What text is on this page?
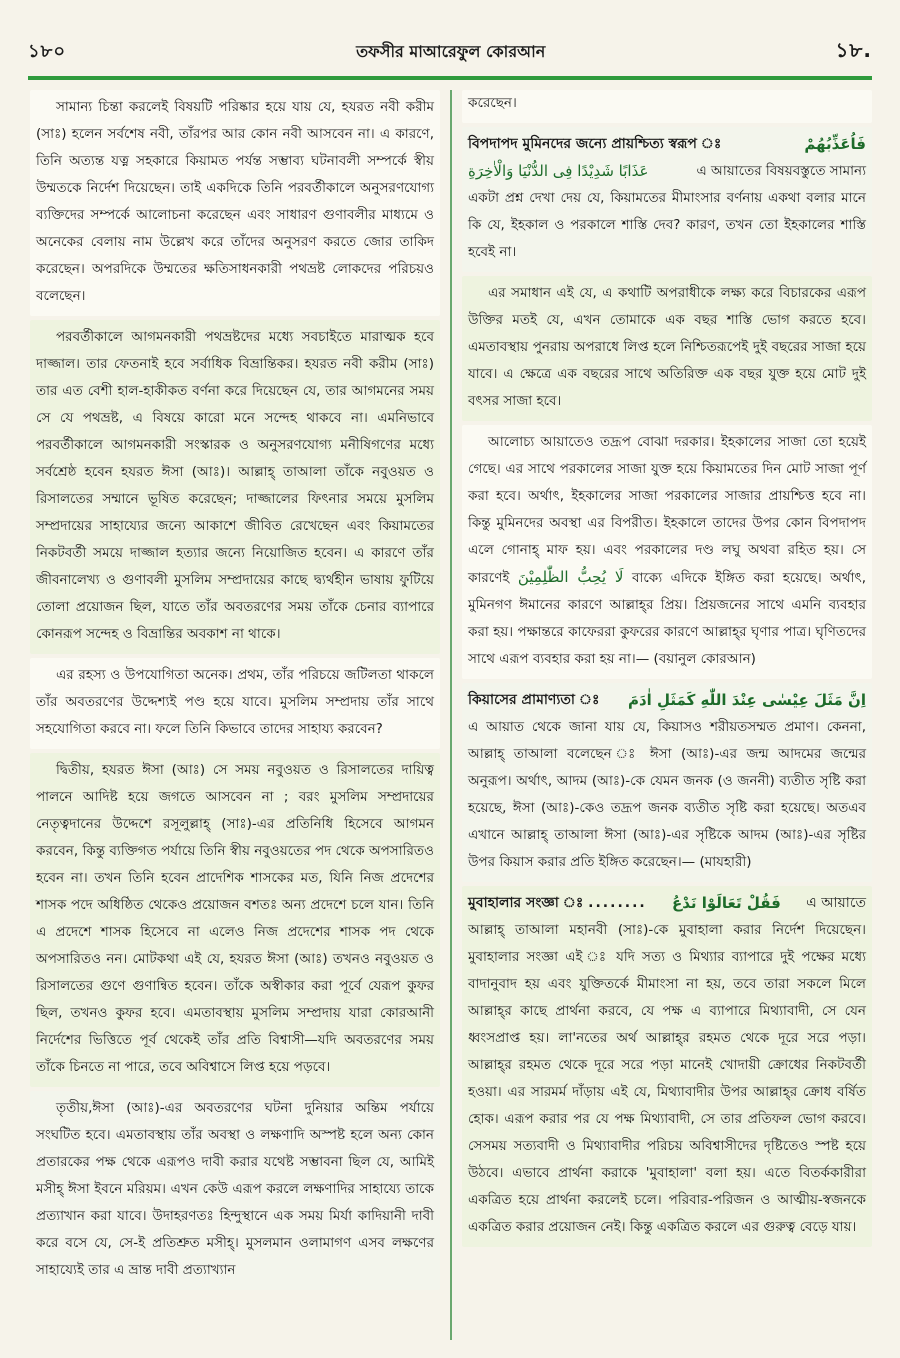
১৮০	তফসীর মাআরেফুল কোরআন	১৮.

সামান্য চিন্তা করলেই বিষয়টি পরিষ্কার হয়ে যায় যে, হযরত নবী করীম (সাঃ) হলেন সর্বশেষ নবী, তাঁরপর আর কোন নবী আসবেন না। এ কারণে, তিনি অত্যন্ত যত্ন সহকারে কিয়ামত পর্যন্ত সম্ভাব্য ঘটনাবলী সম্পর্কে স্বীয় উম্মতকে নির্দেশ দিয়েছেন। তাই একদিকে তিনি পরবর্তীকালে অনুসরণযোগ্য ব্যক্তিদের সম্পর্কে আলোচনা করেছেন এবং সাধারণ গুণাবলীর মাধ্যমে ও অনেকের বেলায় নাম উল্লেখ করে তাঁদের অনুসরণ করতে জোর তাকিদ করেছেন। অপরদিকে উম্মতের ক্ষতিসাধনকারী পথভ্রষ্ট লোকদের পরিচয়ও বলেছেন।

পরবর্তীকালে আগমনকারী পথভ্রষ্টদের মধ্যে সবচাইতে মারাত্মক হবে দাজ্জাল। তার ফেতনাই হবে সর্বাধিক বিভ্রান্তিকর। হযরত নবী করীম (সাঃ) তার এত বেশী হাল-হাকীকত বর্ণনা করে দিয়েছেন যে, তার আগমনের সময় সে যে পথভ্রষ্ট, এ বিষয়ে কারো মনে সন্দেহ থাকবে না। এমনিভাবে পরবর্তীকালে আগমনকারী সংস্কারক ও অনুসরণযোগ্য মনীষিগণের মধ্যে সর্বশ্রেষ্ঠ হবেন হযরত ঈসা (আঃ)। আল্লাহ্ তাআলা তাঁকে নবুওয়ত ও রিসালতের সম্মানে ভূষিত করেছেন; দাজ্জালের ফিৎনার সময়ে মুসলিম সম্প্রদায়ের সাহায্যের জন্যে আকাশে জীবিত রেখেছেন এবং কিয়ামতের নিকটবর্তী সময়ে দাজ্জাল হত্যার জন্যে নিয়োজিত হবেন। এ কারণে তাঁর জীবনালেখ্য ও গুণাবলী মুসলিম সম্প্রদায়ের কাছে দ্ব্যর্থহীন ভাষায় ফুটিয়ে তোলা প্রয়োজন ছিল, যাতে তাঁর অবতরণের সময় তাঁকে চেনার ব্যাপারে কোনরূপ সন্দেহ ও বিভ্রান্তির অবকাশ না থাকে।

এর রহস্য ও উপযোগিতা অনেক। প্রথম, তাঁর পরিচয়ে জটিলতা থাকলে তাঁর অবতরণের উদ্দেশ্যই পণ্ড হয়ে যাবে। মুসলিম সম্প্রদায় তাঁর সাথে সহযোগিতা করবে না। ফলে তিনি কিভাবে তাদের সাহায্য করবেন?

দ্বিতীয়, হযরত ঈসা (আঃ) সে সময় নবুওয়ত ও রিসালতের দায়িত্ব পালনে আদিষ্ট হয়ে জগতে আসবেন না ; বরং মুসলিম সম্প্রদায়ের নেতৃত্বদানের উদ্দেশে রসূলুল্লাহ্ (সাঃ)-এর প্রতিনিধি হিসেবে আগমন করবেন, কিন্তু ব্যক্তিগত পর্যায়ে তিনি স্বীয় নবুওয়তের পদ থেকে অপসারিতও হবেন না। তখন তিনি হবেন প্রাদেশিক শাসকের মত, যিনি নিজ প্রদেশের শাসক পদে অধিষ্ঠিত থেকেও প্রয়োজন বশতঃ অন্য প্রদেশে চলে যান। তিনি এ প্রদেশে শাসক হিসেবে না এলেও নিজ প্রদেশের শাসক পদ থেকে অপসারিতও নন। মোটকথা এই যে, হযরত ঈসা (আঃ) তখনও নবুওয়ত ও রিসালতের গুণে গুণান্বিত হবেন। তাঁকে অস্বীকার করা পূর্বে যেরূপ কুফর ছিল, তখনও কুফর হবে। এমতাবস্থায় মুসলিম সম্প্রদায় যারা কোরআনী নির্দেশের ভিত্তিতে পূর্ব থেকেই তাঁর প্রতি বিশ্বাসী—যদি অবতরণের সময় তাঁকে চিনতে না পারে, তবে অবিশ্বাসে লিপ্ত হয়ে পড়বে।

তৃতীয়,ঈসা (আঃ)-এর অবতরণের ঘটনা দুনিয়ার অন্তিম পর্যায়ে সংঘটিত হবে। এমতাবস্থায় তাঁর অবস্থা ও লক্ষণাদি অস্পষ্ট হলে অন্য কোন প্রতারকের পক্ষ থেকে এরূপও দাবী করার যথেষ্ট সম্ভাবনা ছিল যে, আমিই মসীহ্ ঈসা ইবনে মরিয়ম। এখন কেউ এরূপ করলে লক্ষণাদির সাহায্যে তাকে প্রত্যাখান করা যাবে। উদাহরণতঃ হিন্দুস্থানে এক সময় মির্যা কাদিয়ানী দাবী করে বসে যে, সে-ই প্রতিশ্রুত মসীহ্। মুসলমান ওলামাগণ এসব লক্ষণের সাহায্যেই তার এ ভ্রান্ত দাবী প্রত্যাখ্যান

করেছেন।

বিপদাপদ মুমিনদের জন্যে প্রায়শ্চিত্য স্বরূপ ঃ	فَاُعَذِّبُهُمْ
عَذَابًا شَدِيْدًا فِى الدُّنْيَا وَالْاٰخِرَةِ	এ আয়াতের বিষয়বস্তুতে সামান্য

একটা প্রশ্ন দেখা দেয় যে, কিয়ামতের মীমাংসার বর্ণনায় একথা বলার মানে কি যে, ইহকাল ও পরকালে শাস্তি দেব? কারণ, তখন তো ইহকালের শাস্তি হবেই না।

এর সমাধান এই যে, এ কথাটি অপরাধীকে লক্ষ্য করে বিচারকের এরূপ উক্তির মতই যে, এখন তোমাকে এক বছর শাস্তি ভোগ করতে হবে। এমতাবস্থায় পুনরায় অপরাধে লিপ্ত হলে নিশ্চিতরূপেই দুই বছরের সাজা হয়ে যাবে। এ ক্ষেত্রে এক বছরের সাথে অতিরিক্ত এক বছর যুক্ত হয়ে মোট দুই বৎসর সাজা হবে।

আলোচ্য আয়াতেও তদ্রূপ বোঝা দরকার। ইহকালের সাজা তো হয়েই গেছে। এর সাথে পরকালের সাজা যুক্ত হয়ে কিয়ামতের দিন মোট সাজা পূর্ণ করা হবে। অর্থাৎ, ইহকালের সাজা পরকালের সাজার প্রায়শ্চিত্ত হবে না। কিন্তু মুমিনদের অবস্থা এর বিপরীত। ইহকালে তাদের উপর কোন বিপদাপদ এলে গোনাহ্ মাফ হয়। এবং পরকালের দণ্ড লঘু অথবা রহিত হয়। সে কারণেই لَا يُحِبُّ الظّٰلِمِيْنَ বাক্যে এদিকে ইঙ্গিত করা হয়েছে। অর্থাৎ, মুমিনগণ ঈমানের কারণে আল্লাহ্‌র প্রিয়। প্রিয়জনের সাথে এমনি ব্যবহার করা হয়। পক্ষান্তরে কাফেররা কুফরের কারণে আল্লাহ্‌র ঘৃণার পাত্র। ঘৃণিতদের সাথে এরূপ ব্যবহার করা হয় না।— (বয়ানুল কোরআন)

কিয়াসের প্রামাণ্যতা ঃ اِنَّ مَثَلَ عِيْسٰى عِنْدَ اللّٰهِ كَمَثَلِ اٰدَمَ

এ আয়াত থেকে জানা যায় যে, কিয়াসও শরীয়তসম্মত প্রমাণ। কেননা, আল্লাহ্ তাআলা বলেছেন ঃ ঈসা (আঃ)-এর জন্ম আদমের জন্মের অনুরূপ। অর্থাৎ, আদম (আঃ)-কে যেমন জনক (ও জননী) ব্যতীত সৃষ্টি করা হয়েছে, ঈসা (আঃ)-কেও তদ্রূপ জনক ব্যতীত সৃষ্টি করা হয়েছে। অতএব এখানে আল্লাহ্ তাআলা ঈসা (আঃ)-এর সৃষ্টিকে আদম (আঃ)-এর সৃষ্টির উপর কিয়াস করার প্রতি ইঙ্গিত করেছেন।— (মাযহারী)

মুবাহালার সংজ্ঞা ঃ ........ فَقُلْ تَعَالَوْا نَدْعُ এ আয়াতে

আল্লাহ্ তাআলা মহানবী (সাঃ)-কে মুবাহালা করার নির্দেশ দিয়েছেন। মুবাহালার সংজ্ঞা এই ঃ যদি সত্য ও মিথ্যার ব্যাপারে দুই পক্ষের মধ্যে বাদানুবাদ হয় এবং যুক্তিতর্কে মীমাংসা না হয়, তবে তারা সকলে মিলে আল্লাহ্‌র কাছে প্রার্থনা করবে, যে পক্ষ এ ব্যাপারে মিথ্যাবাদী, সে যেন ধ্বংসপ্রাপ্ত হয়। লা'নতের অর্থ আল্লাহ্‌র রহমত থেকে দূরে সরে পড়া। আল্লাহ্‌র রহমত থেকে দূরে সরে পড়া মানেই খোদায়ী ক্রোধের নিকটবর্তী হওয়া। এর সারমর্ম দাঁড়ায় এই যে, মিথ্যাবাদীর উপর আল্লাহ্‌র ক্রোধ বর্ষিত হোক। এরূপ করার পর যে পক্ষ মিথ্যাবাদী, সে তার প্রতিফল ভোগ করবে। সেসময় সত্যবাদী ও মিথ্যাবাদীর পরিচয় অবিশ্বাসীদের দৃষ্টিতেও স্পষ্ট হয়ে উঠবে। এভাবে প্রার্থনা করাকে 'মুবাহালা' বলা হয়। এতে বিতর্ককারীরা একত্রিত হয়ে প্রার্থনা করলেই চলে। পরিবার-পরিজন ও আত্মীয়-স্বজনকে একত্রিত করার প্রয়োজন নেই। কিন্তু একত্রিত করলে এর গুরুত্ব বেড়ে যায়।
